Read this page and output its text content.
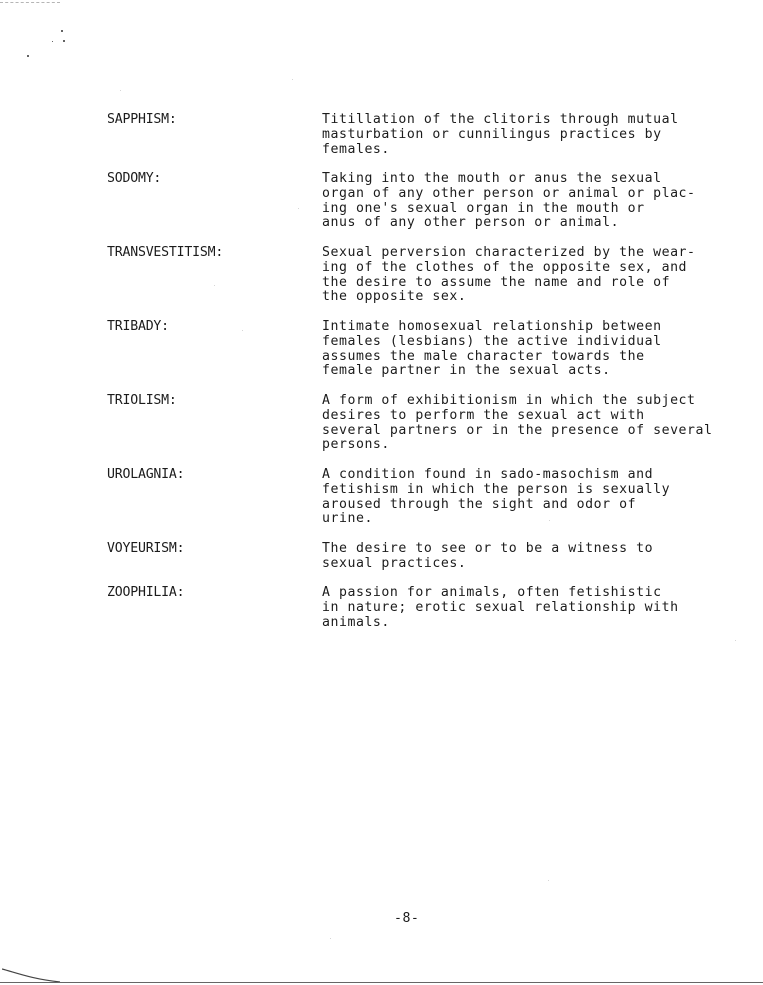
SAPPHISM:	Titillation of the clitoris through mutual
masturbation or cunnilingus practices by
females.
SODOMY:	Taking into the mouth or anus the sexual
organ of any other person or animal or plac-
ing one's sexual organ in the mouth or
anus of any other person or animal.
TRANSVESTITISM:	Sexual perversion characterized by the wear-
ing of the clothes of the opposite sex, and
the desire to assume the name and role of
the opposite sex.
TRIBADY:	Intimate homosexual relationship between
females (lesbians) the active individual
assumes the male character towards the
female partner in the sexual acts.
TRIOLISM:	A form of exhibitionism in which the subject
desires to perform the sexual act with
several partners or in the presence of several
persons.
UROLAGNIA:	A condition found in sado-masochism and
fetishism in which the person is sexually
aroused through the sight and odor of
urine.
VOYEURISM:	The desire to see or to be a witness to
sexual practices.
ZOOPHILIA:	A passion for animals, often fetishistic
in nature; erotic sexual relationship with
animals.
-8-
